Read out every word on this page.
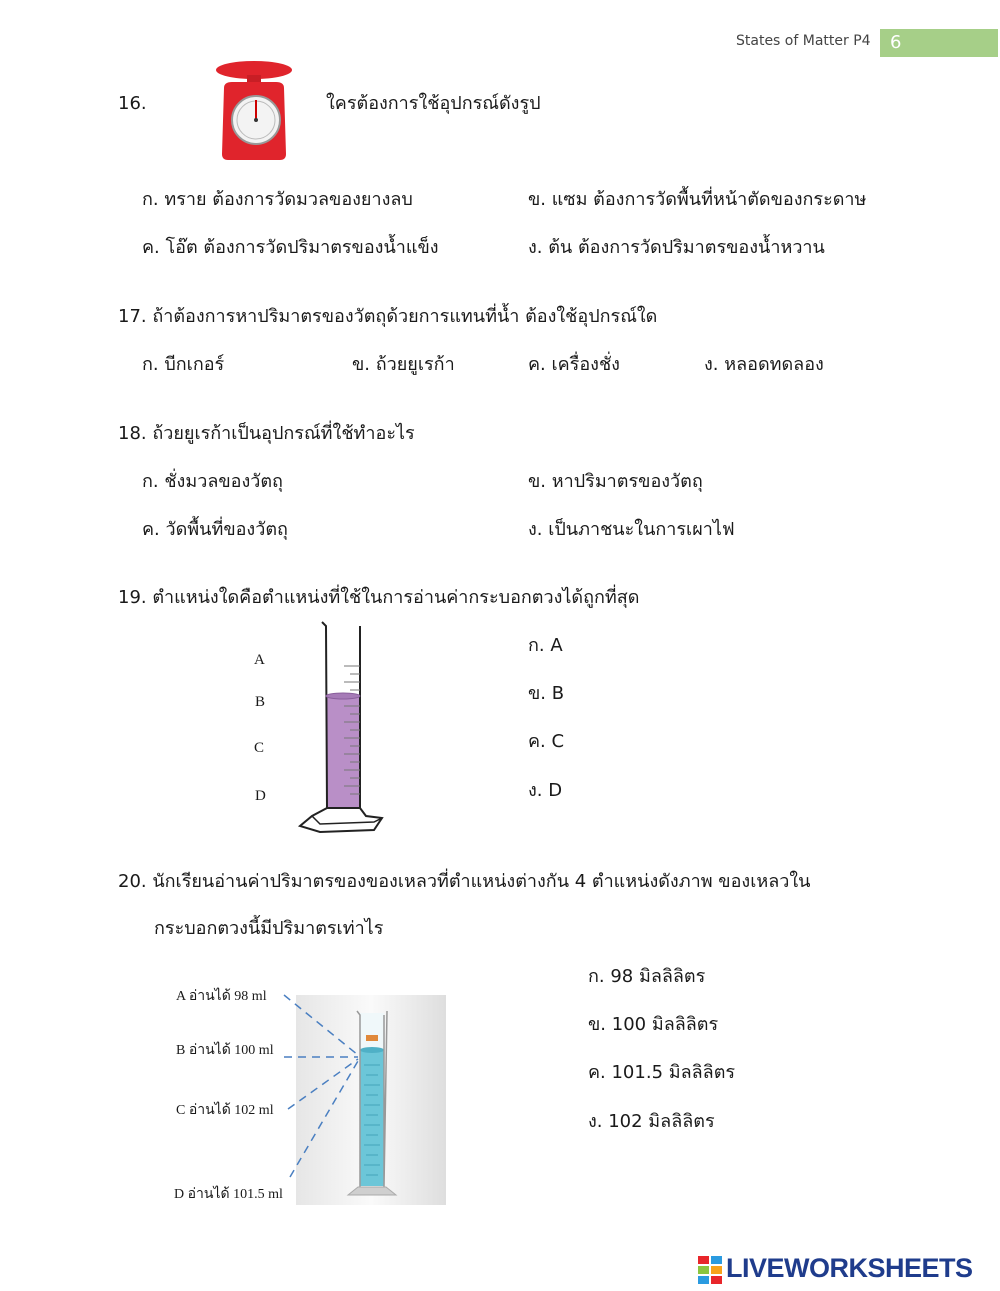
States of Matter P4 6
16.	ใครต้องการใช้อุปกรณ์ดังรูป
ก. ทราย ต้องการวัดมวลของยางลบ	ข. แซม ต้องการวัดพื้นที่หน้าตัดของกระดาษ
ค. โอ๊ต ต้องการวัดปริมาตรของน้ำแข็ง	ง. ต้น ต้องการวัดปริมาตรของน้ำหวาน
17. ถ้าต้องการหาปริมาตรของวัตถุด้วยการแทนที่น้ำ ต้องใช้อุปกรณ์ใด
ก. บีกเกอร์	ข. ถ้วยยูเรก้า	ค. เครื่องชั่ง	ง. หลอดทดลอง
18. ถ้วยยูเรก้าเป็นอุปกรณ์ที่ใช้ทำอะไร
ก. ชั่งมวลของวัตถุ	ข. หาปริมาตรของวัตถุ
ค. วัดพื้นที่ของวัตถุ	ง. เป็นภาชนะในการเผาไฟ
19. ตำแหน่งใดคือตำแหน่งที่ใช้ในการอ่านค่ากระบอกตวงได้ถูกที่สุด
A
B
C
D
ก. A
ข. B
ค. C
ง. D
20. นักเรียนอ่านค่าปริมาตรของของเหลวที่ตำแหน่งต่างกัน 4 ตำแหน่งดังภาพ ของเหลวใน
กระบอกตวงนี้มีปริมาตรเท่าไร
A อ่านได้ 98 ml
B อ่านได้ 100 ml
C อ่านได้ 102 ml
D อ่านได้ 101.5 ml
ก. 98 มิลลิลิตร
ข. 100 มิลลิลิตร
ค. 101.5 มิลลิลิตร
ง. 102 มิลลิลิตร
LIVEWORKSHEETS
